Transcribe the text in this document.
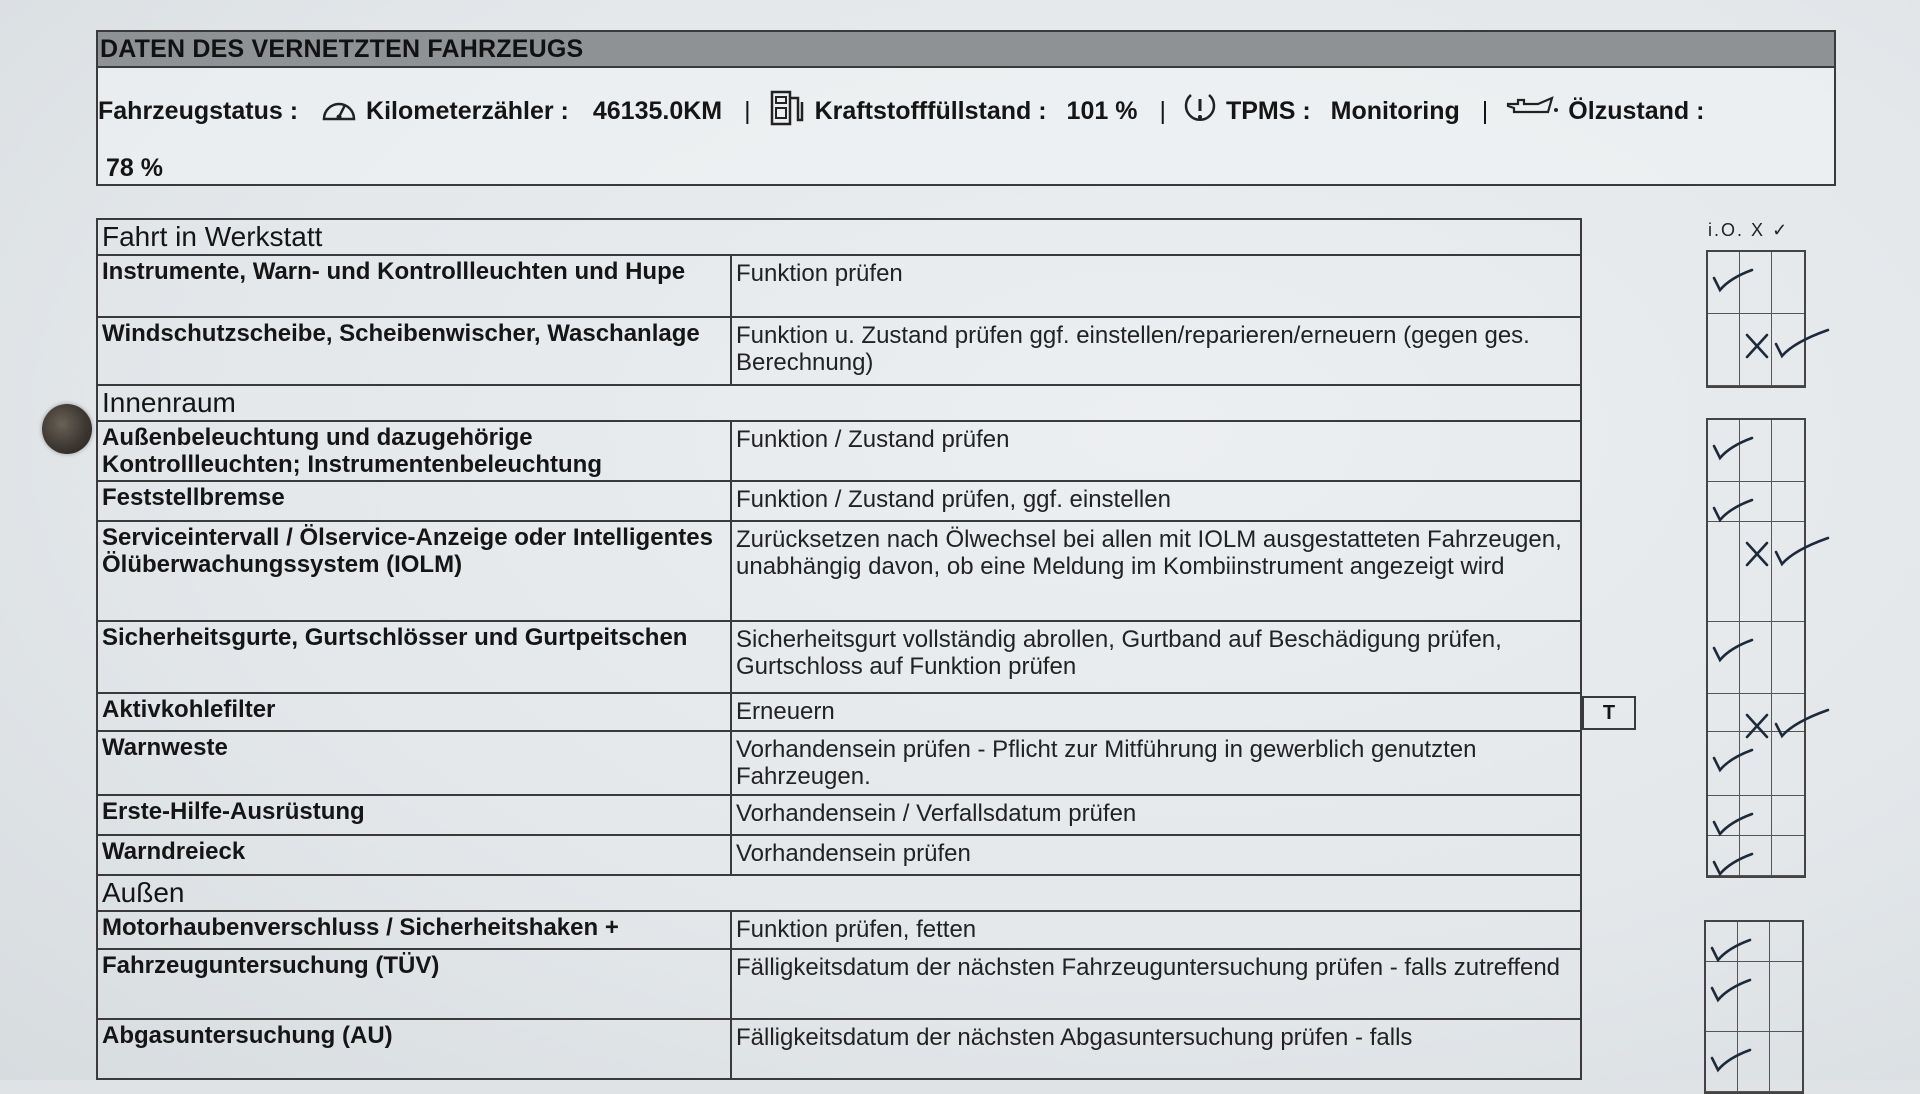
DATEN DES VERNETZTEN FAHRZEUGS
Fahrzeugstatus :	Kilometerzähler : 46135.0KM |	Kraftstofffüllstand : 101 % | TPMS : Monitoring |	Ölzustand :
78 %
Fahrt in Werkstatt	
Instrumente, Warn- und Kontrollleuchten und Hupe	Funktion prüfen
Windschutzscheibe, Scheibenwischer, Waschanlage	Funktion u. Zustand prüfen ggf. einstellen/reparieren/erneuern (gegen ges. Berechnung)
Innenraum	
Außenbeleuchtung und dazugehörige Kontrollleuchten; Instrumentenbeleuchtung	Funktion / Zustand prüfen
Feststellbremse	Funktion / Zustand prüfen, ggf. einstellen
Serviceintervall / Ölservice-Anzeige oder Intelligentes Ölüberwachungssystem (IOLM)	Zurücksetzen nach Ölwechsel bei allen mit IOLM ausgestatteten Fahrzeugen, unabhängig davon, ob eine Meldung im Kombiinstrument angezeigt wird
Sicherheitsgurte, Gurtschlösser und Gurtpeitschen	Sicherheitsgurt vollständig abrollen, Gurtband auf Beschädigung prüfen, Gurtschloss auf Funktion prüfen
Aktivkohlefilter	Erneuern
Warnweste	Vorhandensein prüfen - Pflicht zur Mitführung in gewerblich genutzten Fahrzeugen.
Erste-Hilfe-Ausrüstung	Vorhandensein / Verfallsdatum prüfen
Warndreieck	Vorhandensein prüfen
Außen	
Motorhaubenverschluss / Sicherheitshaken +	Funktion prüfen, fetten
Fahrzeuguntersuchung (TÜV)	Fälligkeitsdatum der nächsten Fahrzeuguntersuchung prüfen - falls zutreffend
Abgasuntersuchung (AU)	Fälligkeitsdatum der nächsten Abgasuntersuchung prüfen - falls
T
i.O. X ✓
